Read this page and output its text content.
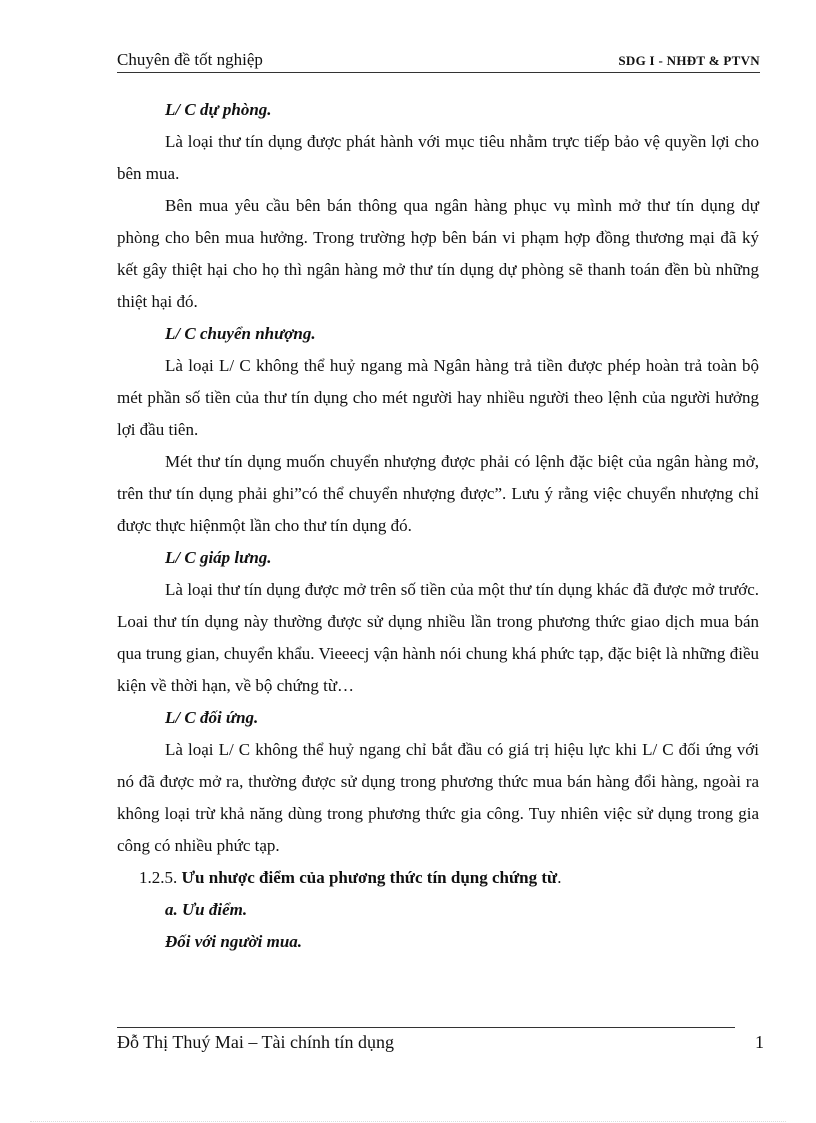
Chuyên đề tốt nghiệp	SDG I - NHĐT & PTVN

L/ C dự phòng.

Là loại thư tín dụng được phát hành với mục tiêu nhằm trực tiếp bảo vệ quyền lợi cho bên mua.

Bên mua yêu cầu bên bán thông qua ngân hàng phục vụ mình mở thư tín dụng dự phòng cho bên mua hưởng. Trong trường hợp bên bán vi phạm hợp đồng thương mại đã ký kết gây thiệt hại cho họ thì ngân hàng mở thư tín dụng dự phòng sẽ thanh toán đền bù những thiệt hại đó.

L/ C chuyển nhượng.

Là loại L/ C không thể huỷ ngang mà Ngân hàng trả tiền được phép hoàn trả toàn bộ mét phần số tiền của thư tín dụng cho mét người hay nhiều người theo lệnh của người hưởng lợi đầu tiên.

Mét thư tín dụng muốn chuyển nhượng được phải có lệnh đặc biệt của ngân hàng mở, trên thư tín dụng phải ghi”có thể chuyển nhượng được”. Lưu ý rằng việc chuyển nhượng chỉ được thực hiệnmột lần cho thư tín dụng đó.

L/ C giáp lưng.

Là loại thư tín dụng được mở trên số tiền của một thư tín dụng khác đã được mở trước. Loai thư tín dụng này thường được sử dụng nhiều lần trong phương thức giao dịch mua bán qua trung gian, chuyển khẩu. Vieeecj vận hành nói chung khá phức tạp, đặc biệt là những điều kiện về thời hạn, về bộ chứng từ…

L/ C đối ứng.

Là loại L/ C không thể huỷ ngang chỉ bắt đầu có giá trị hiệu lực khi L/ C đối ứng với nó đã được mở ra, thường được sử dụng trong phương thức mua bán hàng đổi hàng, ngoài ra không loại trừ khả năng dùng trong phương thức gia công. Tuy nhiên việc sử dụng trong gia công có nhiều phức tạp.

1.2.5. Ưu nhược điểm của phương thức tín dụng chứng từ.

a. Ưu điểm.

Đối với người mua.

Đỗ Thị Thuý Mai – Tài chính tín dụng	1
